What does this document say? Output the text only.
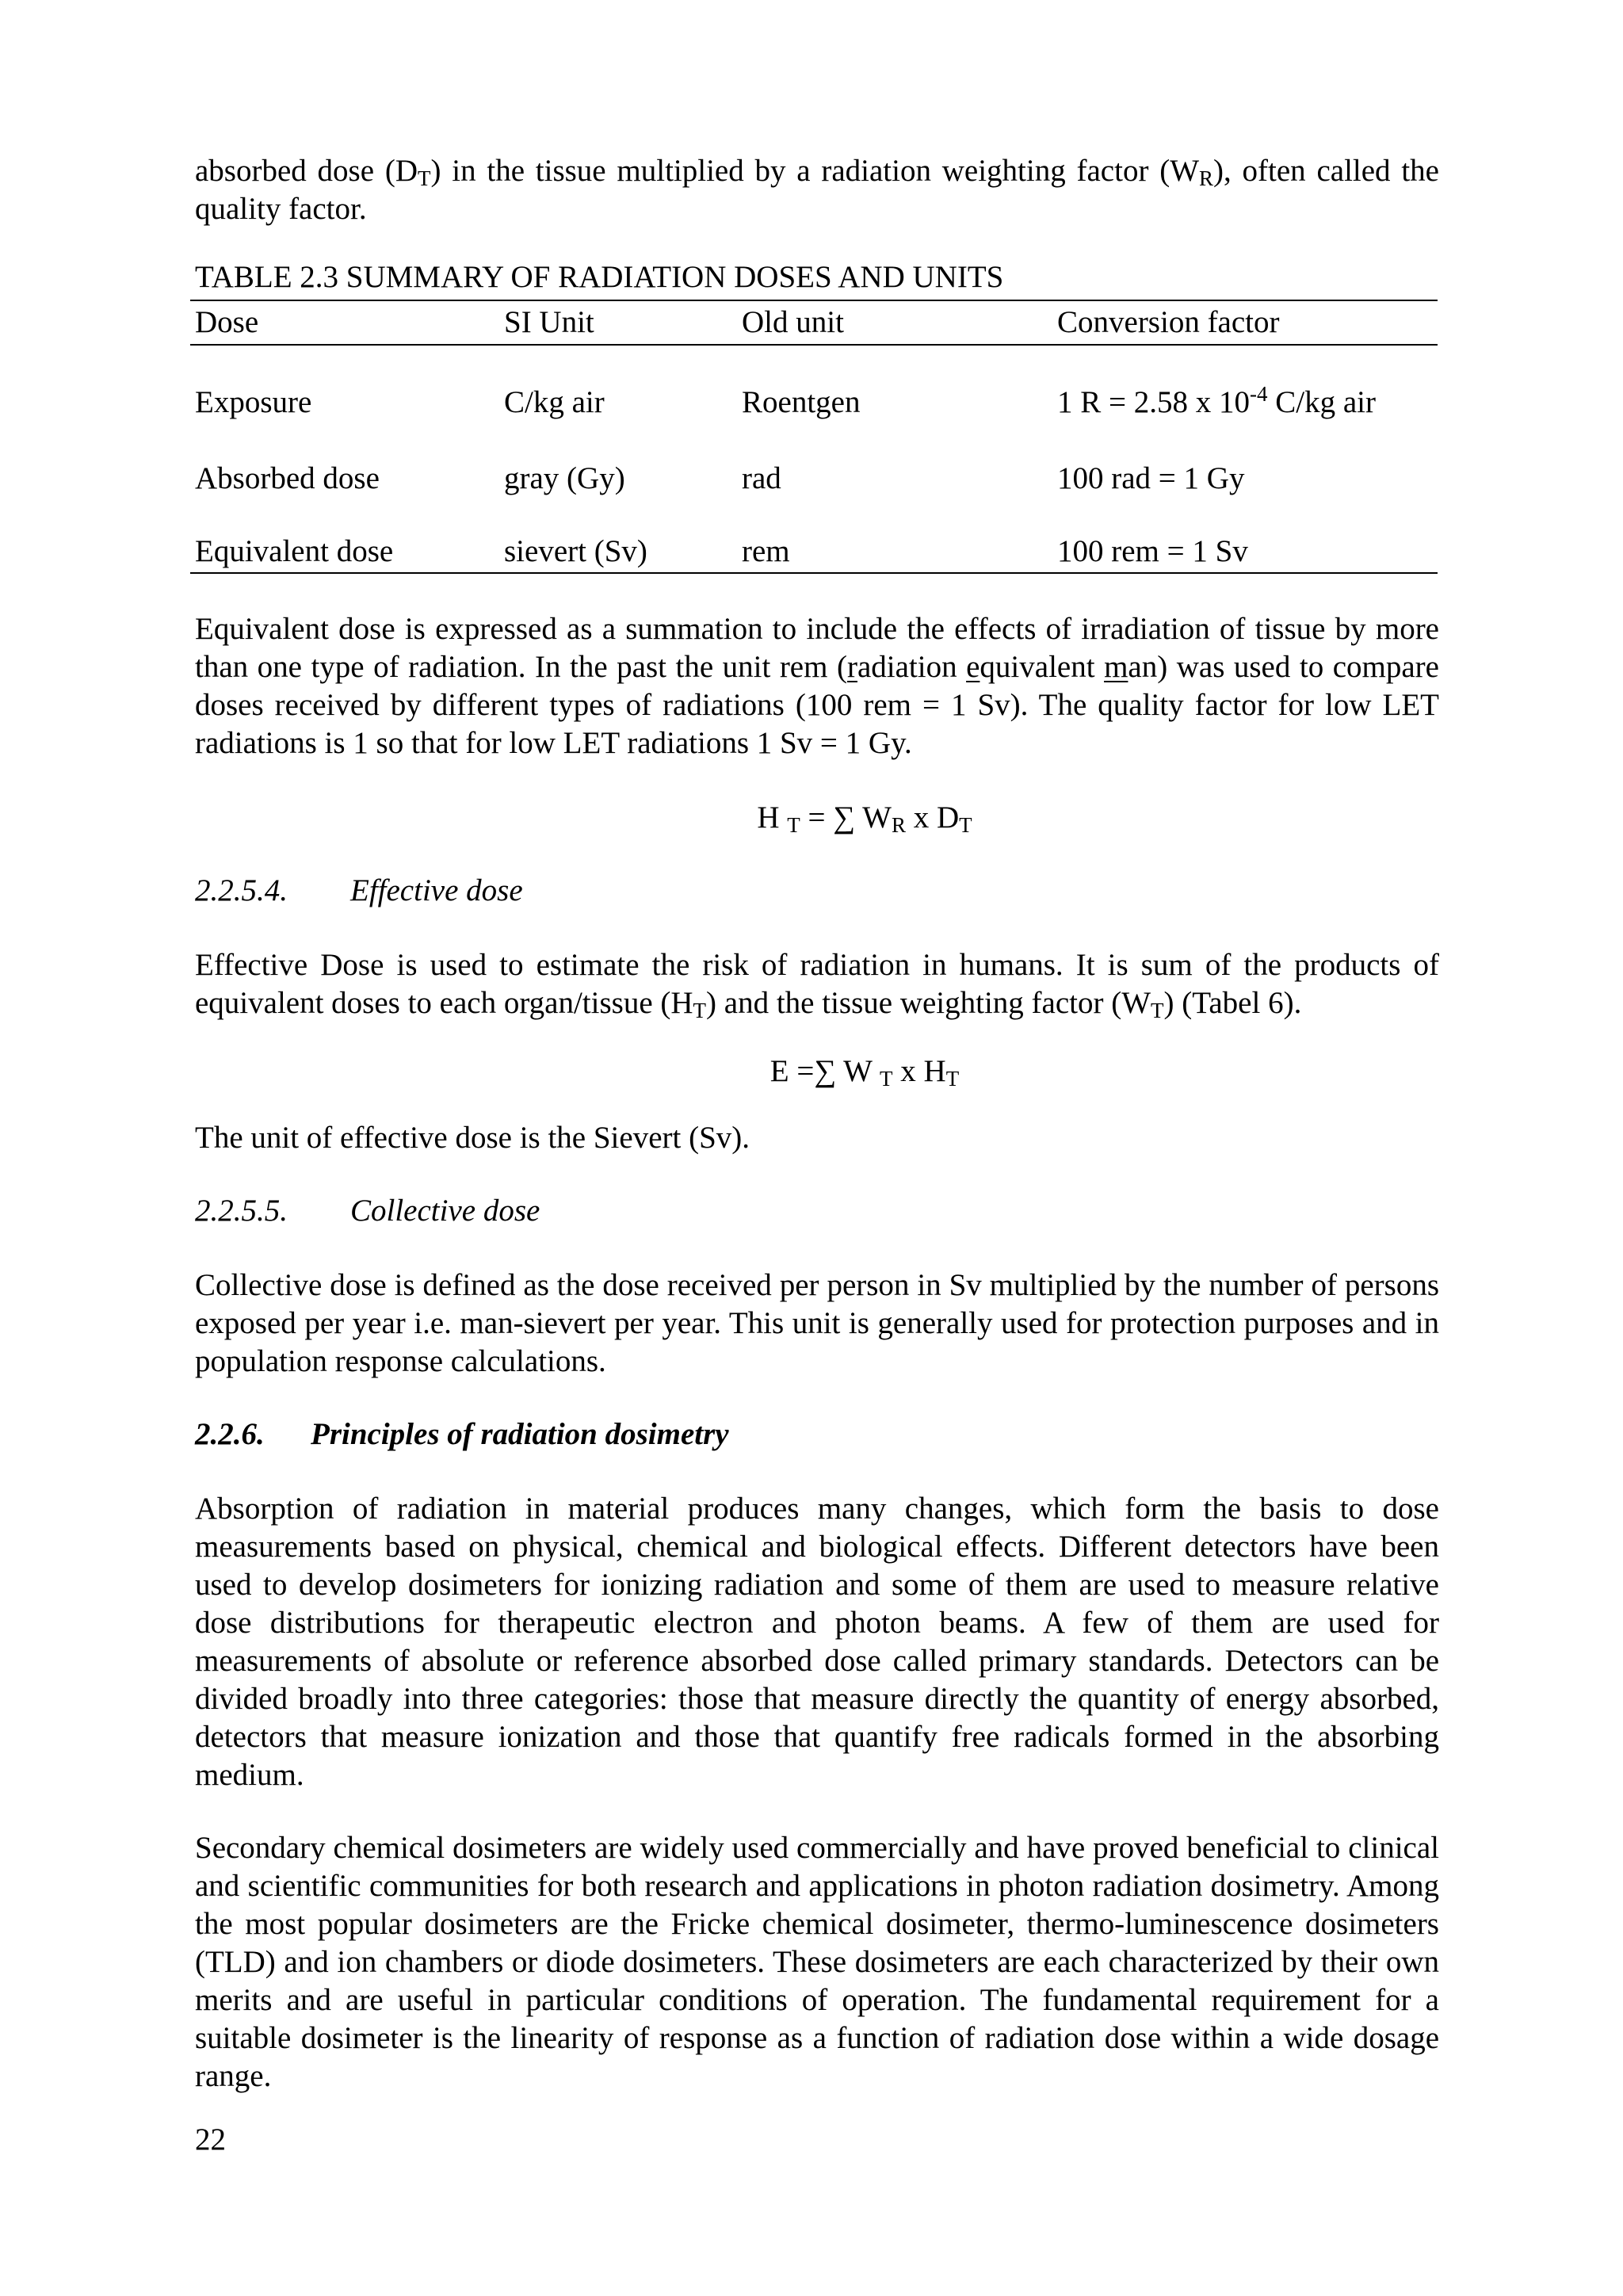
absorbed dose $(D_T)$ in the tissue multiplied by a radiation weighting factor $(W_R)$, often called the quality factor.

TABLE 2.3 SUMMARY OF RADIATION DOSES AND UNITS

Dose	SI Unit	Old unit	Conversion factor
Exposure	C/kg air	Roentgen	1 R = 2.58 x $10^{-4}$ C/kg air
Absorbed dose	gray (Gy)	rad	100 rad = 1 Gy
Equivalent dose	sievert (Sv)	rem	100 rem = 1 Sv

Equivalent dose is expressed as a summation to include the effects of irradiation of tissue by more than one type of radiation. In the past the unit rem (radiation equivalent man) was used to compare doses received by different types of radiations (100 rem = 1 Sv). The quality factor for low LET radiations is 1 so that for low LET radiations 1 Sv = 1 Gy.

H $_T$ = ∑ $W_R$ x $D_T$

2.2.5.4. Effective dose

Effective Dose is used to estimate the risk of radiation in humans. It is sum of the products of equivalent doses to each organ/tissue $(H_T)$ and the tissue weighting factor $(W_T)$ (Tabel 6).

E =∑ W $_T$ x $H_T$

The unit of effective dose is the Sievert (Sv).

2.2.5.5. Collective dose

Collective dose is defined as the dose received per person in Sv multiplied by the number of persons exposed per year i.e. man-sievert per year. This unit is generally used for protection purposes and in population response calculations.

2.2.6. Principles of radiation dosimetry

Absorption of radiation in material produces many changes, which form the basis to dose measurements based on physical, chemical and biological effects. Different detectors have been used to develop dosimeters for ionizing radiation and some of them are used to measure relative dose distributions for therapeutic electron and photon beams. A few of them are used for measurements of absolute or reference absorbed dose called primary standards. Detectors can be divided broadly into three categories: those that measure directly the quantity of energy absorbed, detectors that measure ionization and those that quantify free radicals formed in the absorbing medium.

Secondary chemical dosimeters are widely used commercially and have proved beneficial to clinical and scientific communities for both research and applications in photon radiation dosimetry. Among the most popular dosimeters are the Fricke chemical dosimeter, thermo-luminescence dosimeters (TLD) and ion chambers or diode dosimeters. These dosimeters are each characterized by their own merits and are useful in particular conditions of operation. The fundamental requirement for a suitable dosimeter is the linearity of response as a function of radiation dose within a wide dosage range.

22
